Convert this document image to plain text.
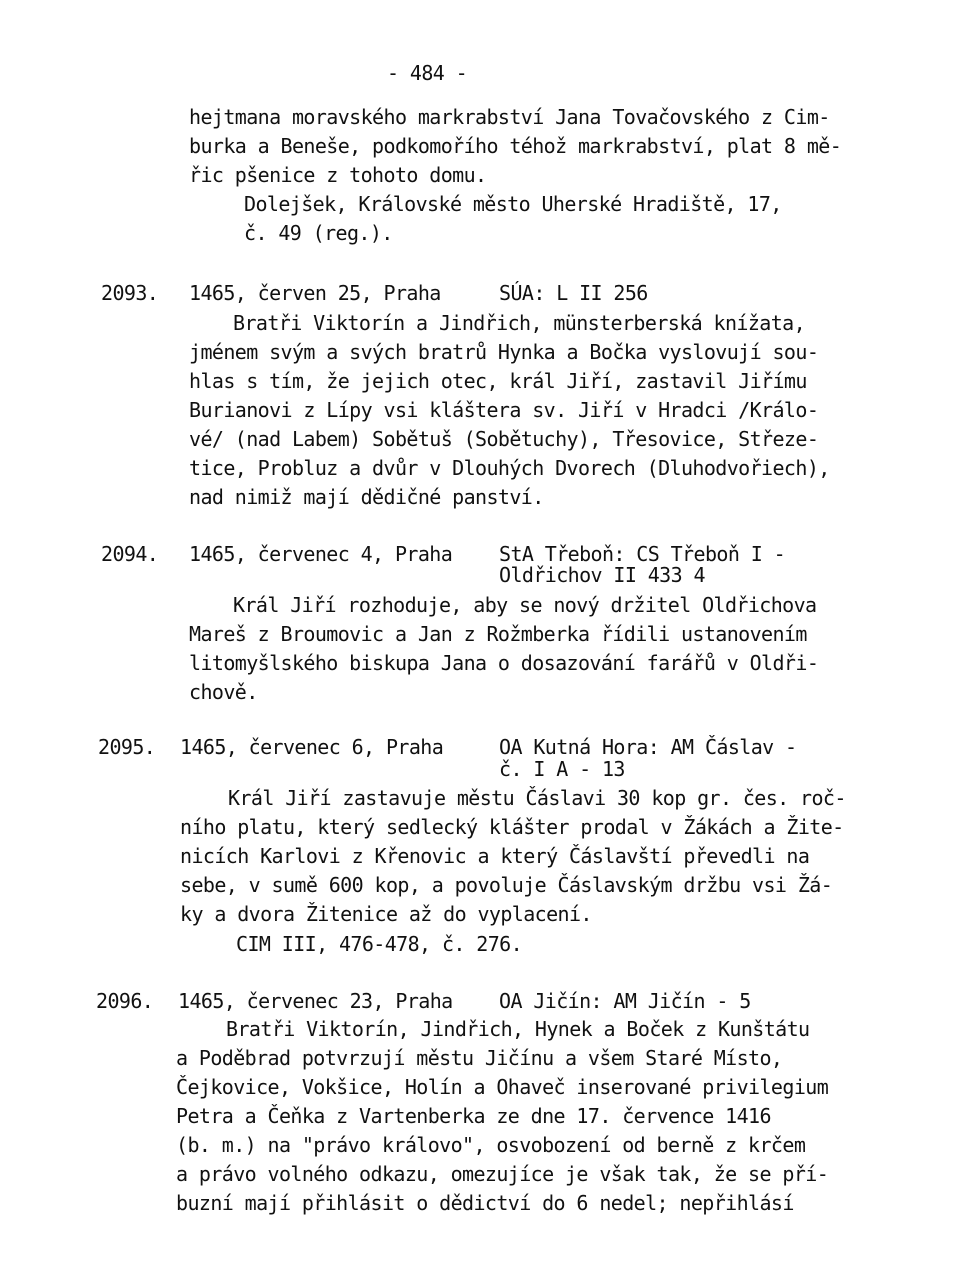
- 484 -
hejtmana moravského markrabství Jana Tovačovského z Cim-
burka a Beneše, podkomořího téhož markrabství, plat 8 mě-
řic pšenice z tohoto domu.
Dolejšek, Královské město Uherské Hradiště, 17,
č. 49 (reg.).
2093. 1465, červen 25, Praha	SÚA: L II 256
Bratři Viktorín a Jindřich, münsterberská knížata,
jménem svým a svých bratrů Hynka a Bočka vyslovují sou-
hlas s tím, že jejich otec, král Jiří, zastavil Jiřímu
Burianovi z Lípy vsi kláštera sv. Jiří v Hradci /Králo-
vé/ (nad Labem) Sobětuš (Sobětuchy), Třesovice, Střeze-
tice, Probluz a dvůr v Dlouhých Dvorech (Dluhodvořiech),
nad nimiž mají dědičné panství.
2094. 1465, červenec 4, Praha StA Třeboň: CS Třeboň I -
Oldřichov II 433 4
Král Jiří rozhoduje, aby se nový držitel Oldřichova
Mareš z Broumovic a Jan z Rožmberka řídili ustanovením
litomyšlského biskupa Jana o dosazování farářů v Oldři-
chově.
2095. 1465, červenec 6, Praha	OA Kutná Hora: AM Čáslav -
č. I A - 13
Král Jiří zastavuje městu Čáslavi 30 kop gr. čes. roč-
ního platu, který sedlecký klášter prodal v Žákách a Žite-
nicích Karlovi z Křenovic a který Čáslavští převedli na
sebe, v sumě 600 kop, a povoluje Čáslavským držbu vsi Žá-
ky a dvora Žitenice až do vyplacení.
CIM III, 476-478, č. 276.
2096. 1465, červenec 23, Praha OA Jičín: AM Jičín - 5
Bratři Viktorín, Jindřich, Hynek a Boček z Kunštátu
a Poděbrad potvrzují městu Jičínu a všem Staré Místo,
Čejkovice, Vokšice, Holín a Ohaveč inserované privilegium
Petra a Čeňka z Vartenberka ze dne 17. července 1416
(b. m.) na "právo královo", osvobození od berně z krčem
a právo volného odkazu, omezujíce je však tak, že se pří-
buzní mají přihlásit o dědictví do 6 nedel; nepřihlásí
